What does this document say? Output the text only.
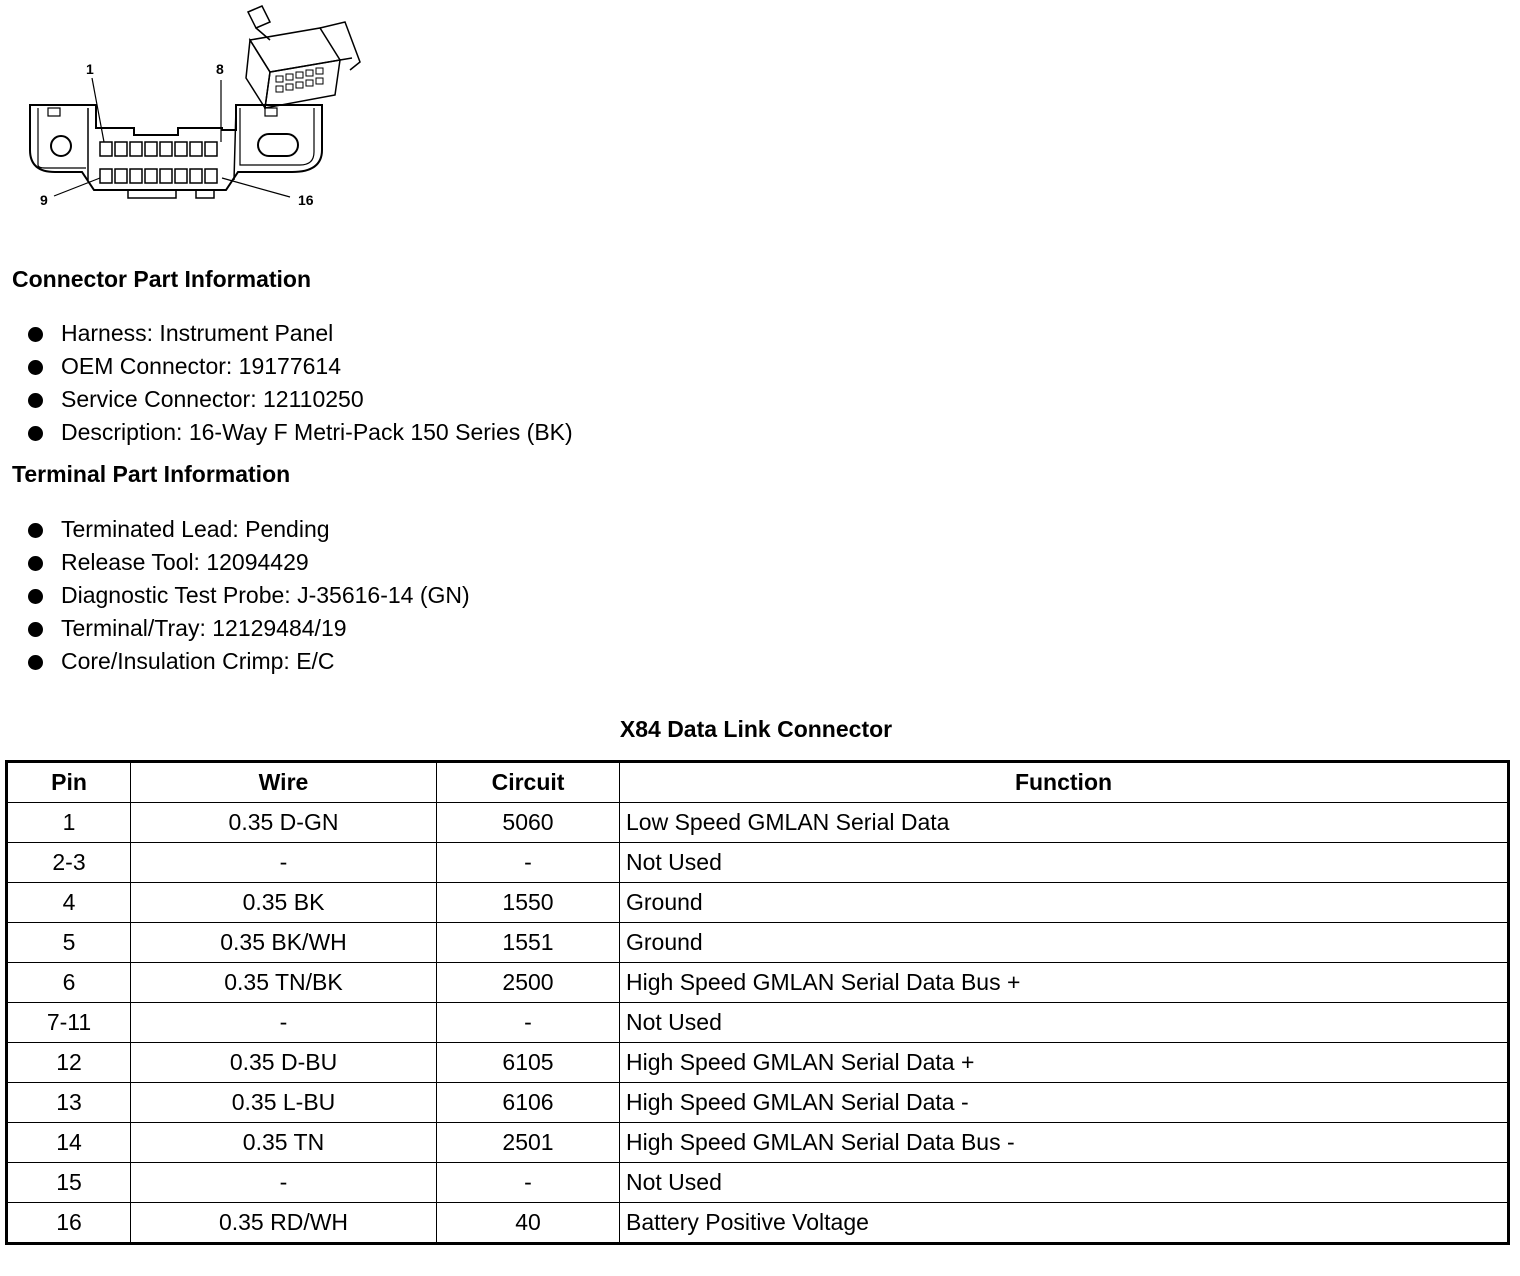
1	8
9	16
Connector Part Information
Harness: Instrument Panel
OEM Connector: 19177614
Service Connector: 12110250
Description: 16-Way F Metri-Pack 150 Series (BK)
Terminal Part Information
Terminated Lead: Pending
Release Tool: 12094429
Diagnostic Test Probe: J-35616-14 (GN)
Terminal/Tray: 12129484/19
Core/Insulation Crimp: E/C
X84 Data Link Connector
Pin	Wire	Circuit	Function
1	0.35 D-GN	5060	Low Speed GMLAN Serial Data
2-3	-	-	Not Used
4	0.35 BK	1550	Ground
5	0.35 BK/WH	1551	Ground
6	0.35 TN/BK	2500	High Speed GMLAN Serial Data Bus +
7-11	-	-	Not Used
12	0.35 D-BU	6105	High Speed GMLAN Serial Data +
13	0.35 L-BU	6106	High Speed GMLAN Serial Data -
14	0.35 TN	2501	High Speed GMLAN Serial Data Bus -
15	-	-	Not Used
16	0.35 RD/WH	40	Battery Positive Voltage
